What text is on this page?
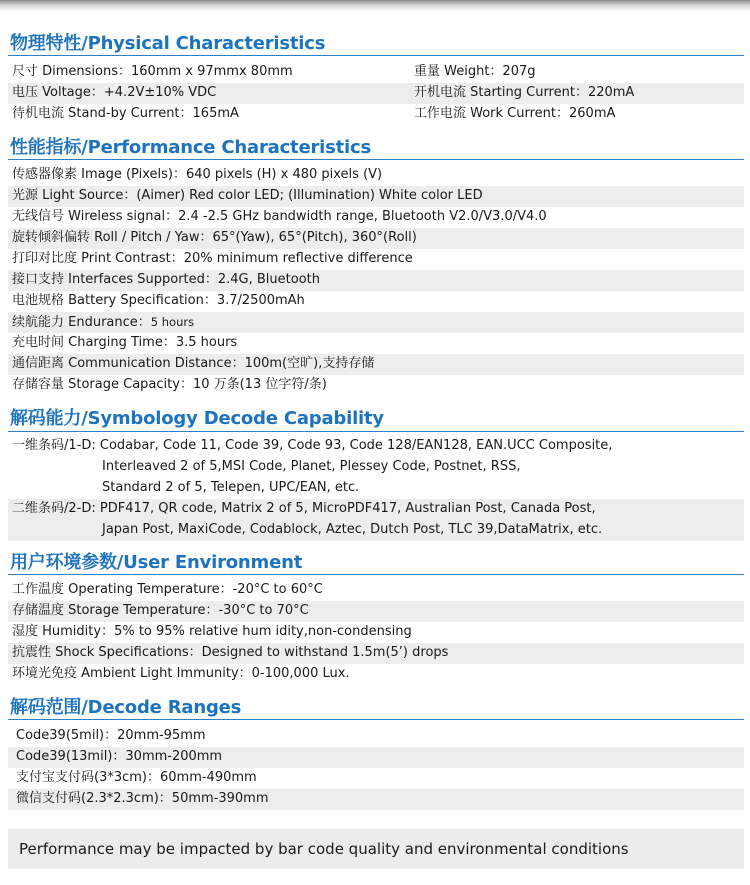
物理特性/Physical Characteristics
尺寸 Dimensions：160mm x 97mmx 80mm	重量 Weight：207g
电压 Voltage：+4.2V±10% VDC	开机电流 Starting Current：220mA
待机电流 Stand-by Current：165mA	工作电流 Work Current：260mA
性能指标/Performance Characteristics
传感器像素 Image (Pixels)：640 pixels (H) x 480 pixels (V)
光源 Light Source：(Aimer) Red color LED; (Illumination) White color LED
无线信号 Wireless signal：2.4 -2.5 GHz bandwidth range, Bluetooth V2.0/V3.0/V4.0
旋转倾斜偏转 Roll / Pitch / Yaw：65°(Yaw), 65°(Pitch), 360°(Roll)
打印对比度 Print Contrast：20% minimum reflective difference
接口支持 Interfaces Supported：2.4G, Bluetooth
电池规格 Battery Specification：3.7/2500mAh
续航能力 Endurance：5 hours
充电时间 Charging Time：3.5 hours
通信距离 Communication Distance：100m(空旷),支持存储
存储容量 Storage Capacity：10 万条(13 位字符/条)
解码能力/Symbology Decode Capability
一维条码/1-D: Codabar, Code 11, Code 39, Code 93, Code 128/EAN128, EAN.UCC Composite,
Interleaved 2 of 5,MSI Code, Planet, Plessey Code, Postnet, RSS,
Standard 2 of 5, Telepen, UPC/EAN, etc.
二维条码/2-D: PDF417, QR code, Matrix 2 of 5, MicroPDF417, Australian Post, Canada Post,
Japan Post, MaxiCode, Codablock, Aztec, Dutch Post, TLC 39,DataMatrix, etc.
用户环境参数/User Environment
工作温度 Operating Temperature：-20°C to 60°C
存储温度 Storage Temperature：-30°C to 70°C
湿度 Humidity：5% to 95% relative hum idity,non-condensing
抗震性 Shock Specifications：Designed to withstand 1.5m(5’) drops
环境光免疫 Ambient Light Immunity：0-100,000 Lux.
解码范围/Decode Ranges
Code39(5mil)：20mm-95mm
Code39(13mil)：30mm-200mm
支付宝支付码(3*3cm)：60mm-490mm
微信支付码(2.3*2.3cm)：50mm-390mm
Performance may be impacted by bar code quality and environmental conditions
